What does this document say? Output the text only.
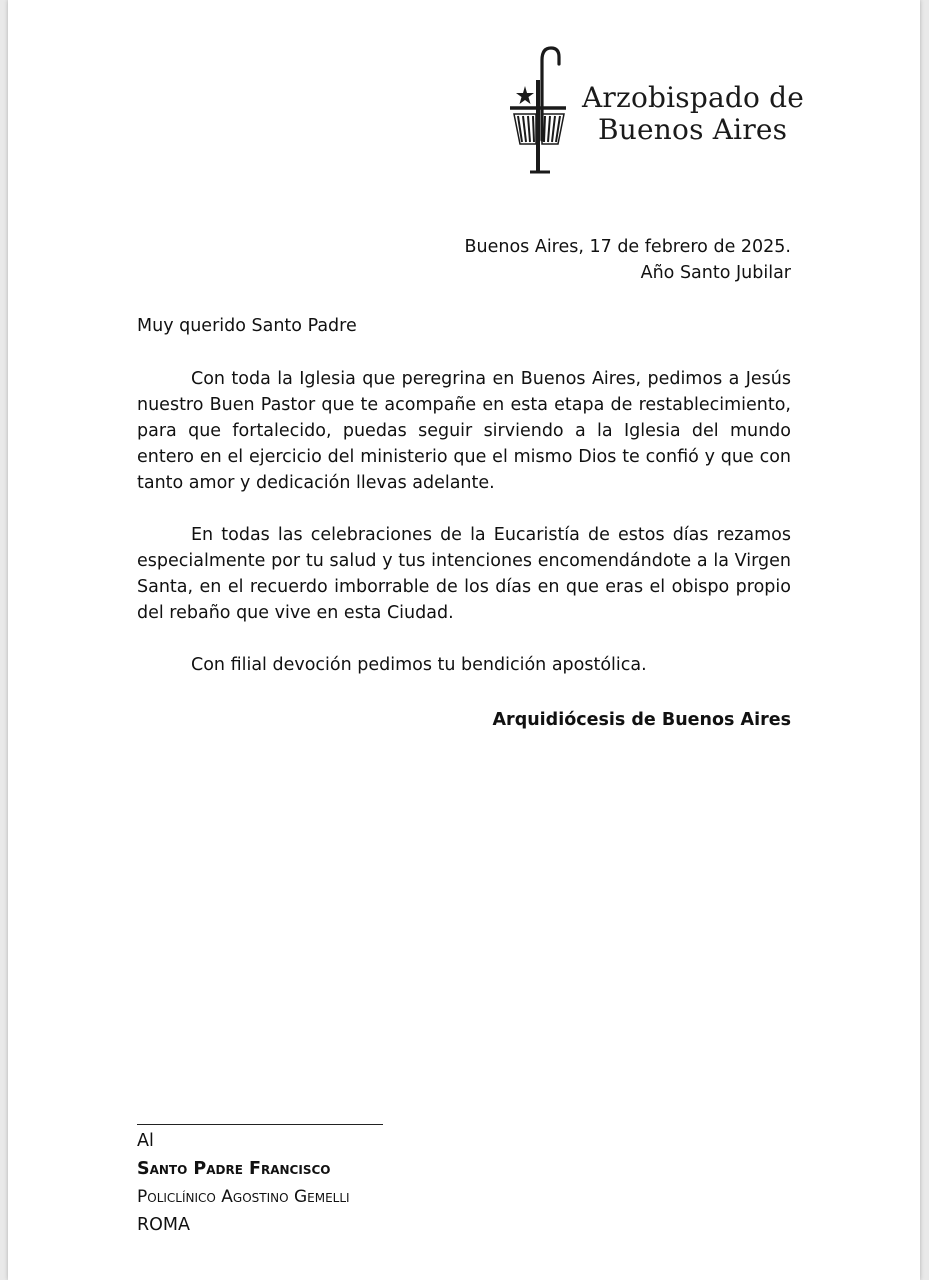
Arzobispado de
Buenos Aires
Buenos Aires, 17 de febrero de 2025.
Año Santo Jubilar
Muy querido Santo Padre

Con toda la Iglesia que peregrina en Buenos Aires, pedimos a Jesús nuestro Buen Pastor que te acompañe en esta etapa de restablecimiento, para que fortalecido, puedas seguir sirviendo a la Iglesia del mundo entero en el ejercicio del ministerio que el mismo Dios te confió y que con tanto amor y dedicación llevas adelante.

En todas las celebraciones de la Eucaristía de estos días rezamos especialmente por tu salud y tus intenciones encomendándote a la Virgen Santa, en el recuerdo imborrable de los días en que eras el obispo propio del rebaño que vive en esta Ciudad.

Con filial devoción pedimos tu bendición apostólica.

Arquidiócesis de Buenos Aires
Al
Santo Padre Francisco
Policlínico Agostino Gemelli
ROMA
